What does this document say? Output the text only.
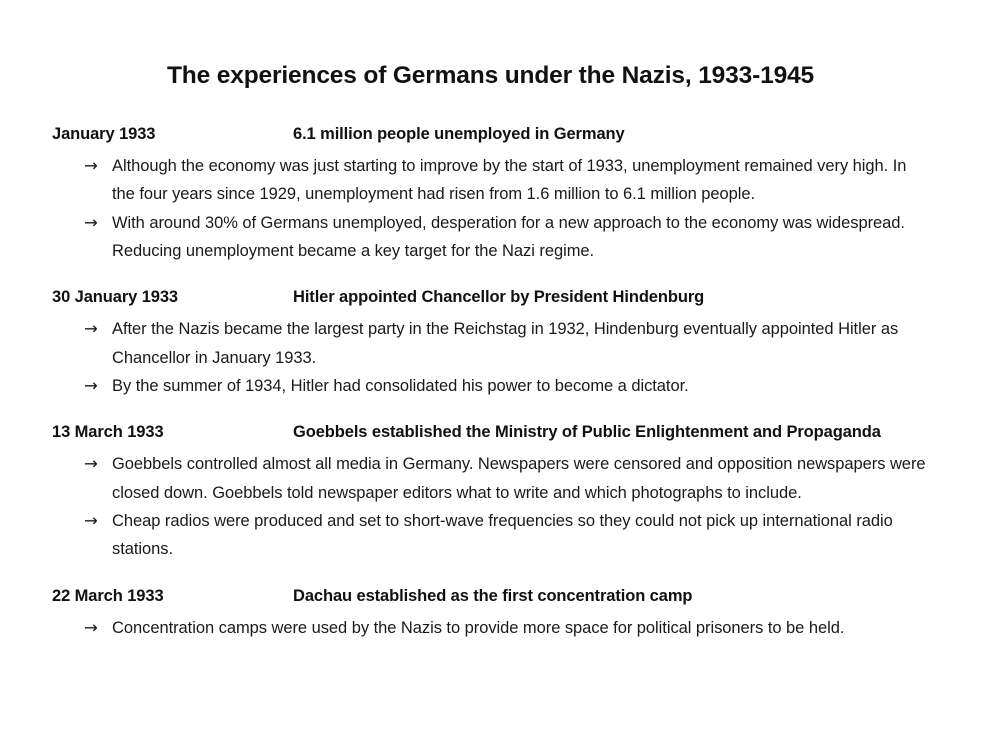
The experiences of Germans under the Nazis, 1933-1945
January 1933	6.1 million people unemployed in Germany
→ Although the economy was just starting to improve by the start of 1933, unemployment remained very high. In the four years since 1929, unemployment had risen from 1.6 million to 6.1 million people.
→ With around 30% of Germans unemployed, desperation for a new approach to the economy was widespread. Reducing unemployment became a key target for the Nazi regime.
30 January 1933	Hitler appointed Chancellor by President Hindenburg
→ After the Nazis became the largest party in the Reichstag in 1932, Hindenburg eventually appointed Hitler as Chancellor in January 1933.
→ By the summer of 1934, Hitler had consolidated his power to become a dictator.
13 March 1933	Goebbels established the Ministry of Public Enlightenment and Propaganda
→ Goebbels controlled almost all media in Germany. Newspapers were censored and opposition newspapers were closed down. Goebbels told newspaper editors what to write and which photographs to include.
→ Cheap radios were produced and set to short-wave frequencies so they could not pick up international radio stations.
22 March 1933	Dachau established as the first concentration camp
→ Concentration camps were used by the Nazis to provide more space for political prisoners to be held.
